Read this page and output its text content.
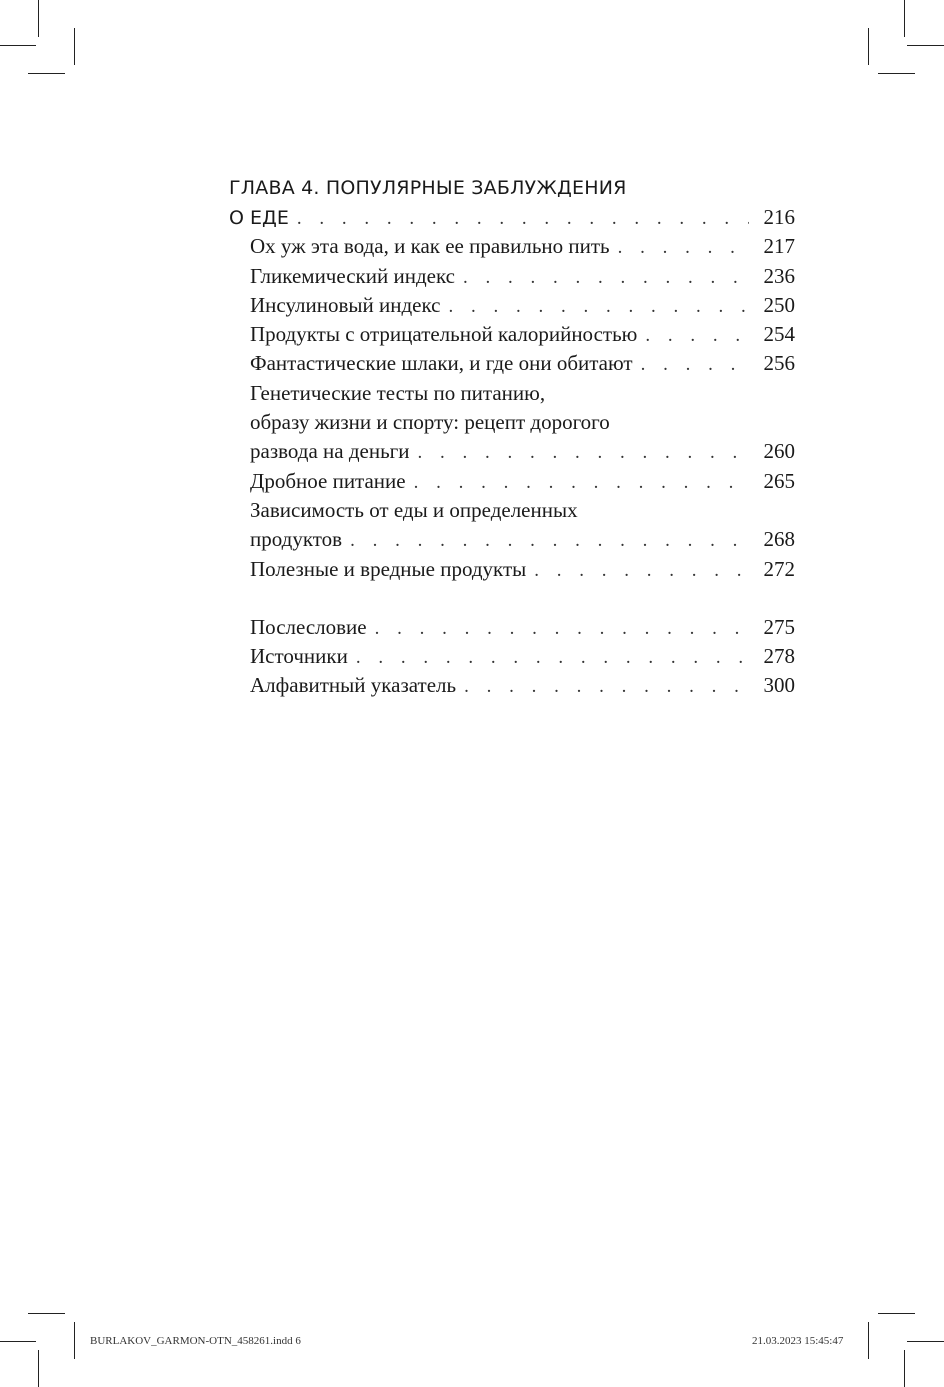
ГЛАВА 4. ПОПУЛЯРНЫЕ ЗАБЛУЖДЕНИЯ
О ЕДЕ . . .	216
Ох уж эта вода, и как ее правильно пить . . .	217
Гликемический индекс . . .	236
Инсулиновый индекс . . .	250
Продукты с отрицательной калорийностью . . .	254
Фантастические шлаки, и где они обитают . . .	256
Генетические тесты по питанию,
образу жизни и спорту: рецепт дорогого
развода на деньги . . .	260
Дробное питание . . .	265
Зависимость от еды и определенных
продуктов . . .	268
Полезные и вредные продукты . . .	272
Послесловие . . .	275
Источники . . .	278
Алфавитный указатель . . .	300
BURLAKOV_GARMON-OTN_458261.indd 6	21.03.2023 15:45:47
